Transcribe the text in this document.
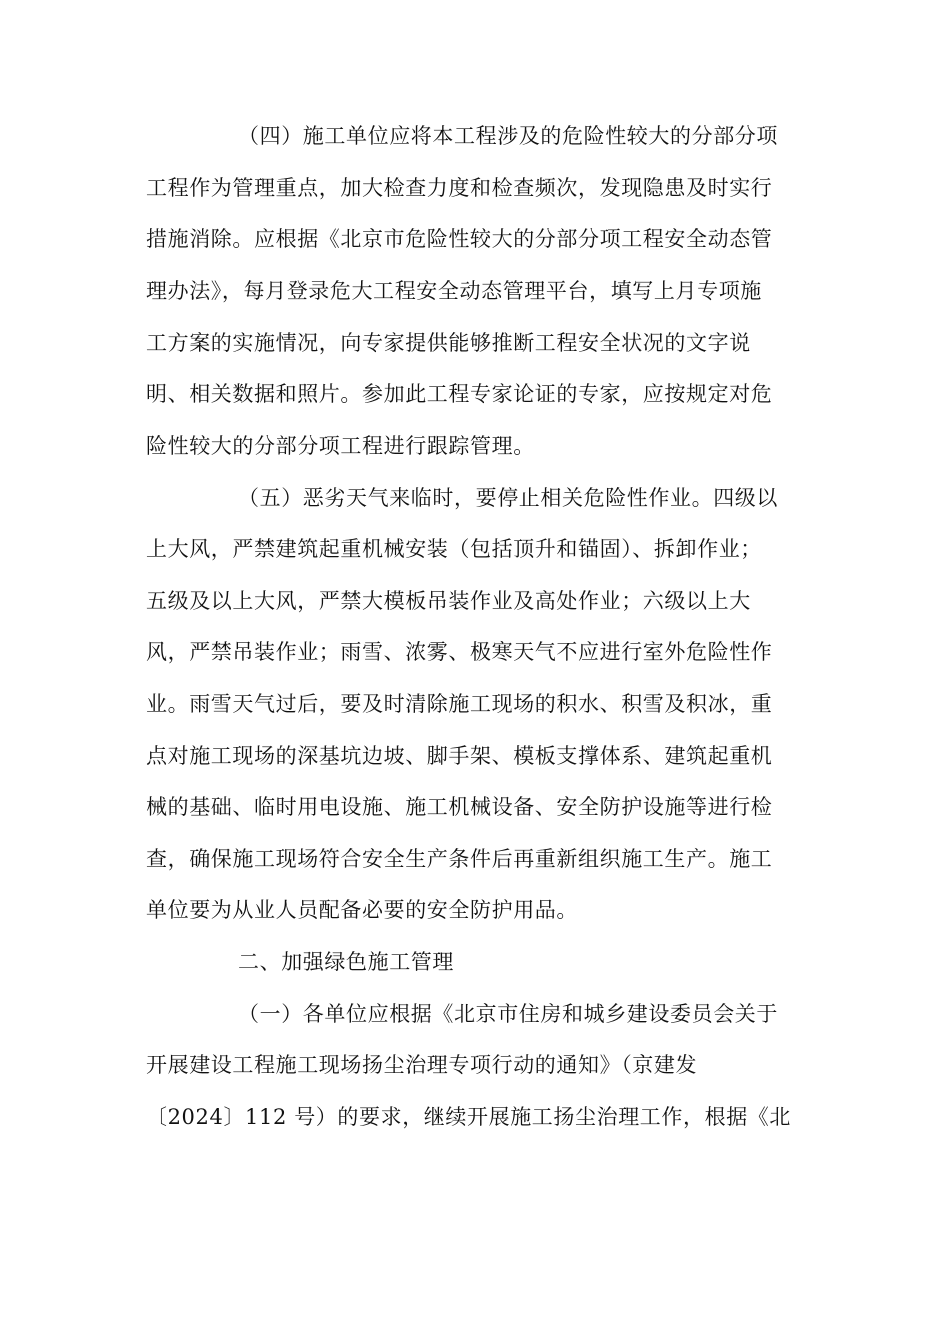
（四）施工单位应将本工程涉及的危险性较大的分部分项
工程作为管理重点，加大检查力度和检查频次，发现隐患及时实行
措施消除。应根据《北京市危险性较大的分部分项工程安全动态管
理办法》，每月登录危大工程安全动态管理平台，填写上月专项施
工方案的实施情况，向专家提供能够推断工程安全状况的文字说
明、相关数据和照片。参加此工程专家论证的专家，应按规定对危
险性较大的分部分项工程进行跟踪管理。
（五）恶劣天气来临时，要停止相关危险性作业。四级以
上大风，严禁建筑起重机械安装（包括顶升和锚固）、拆卸作业；
五级及以上大风，严禁大模板吊装作业及高处作业；六级以上大
风，严禁吊装作业；雨雪、浓雾、极寒天气不应进行室外危险性作
业。雨雪天气过后，要及时清除施工现场的积水、积雪及积冰，重
点对施工现场的深基坑边坡、脚手架、模板支撑体系、建筑起重机
械的基础、临时用电设施、施工机械设备、安全防护设施等进行检
查，确保施工现场符合安全生产条件后再重新组织施工生产。施工
单位要为从业人员配备必要的安全防护用品。
二、加强绿色施工管理
（一）各单位应根据《北京市住房和城乡建设委员会关于
开展建设工程施工现场扬尘治理专项行动的通知》（京建发
〔2024〕112 号）的要求，继续开展施工扬尘治理工作，根据《北
